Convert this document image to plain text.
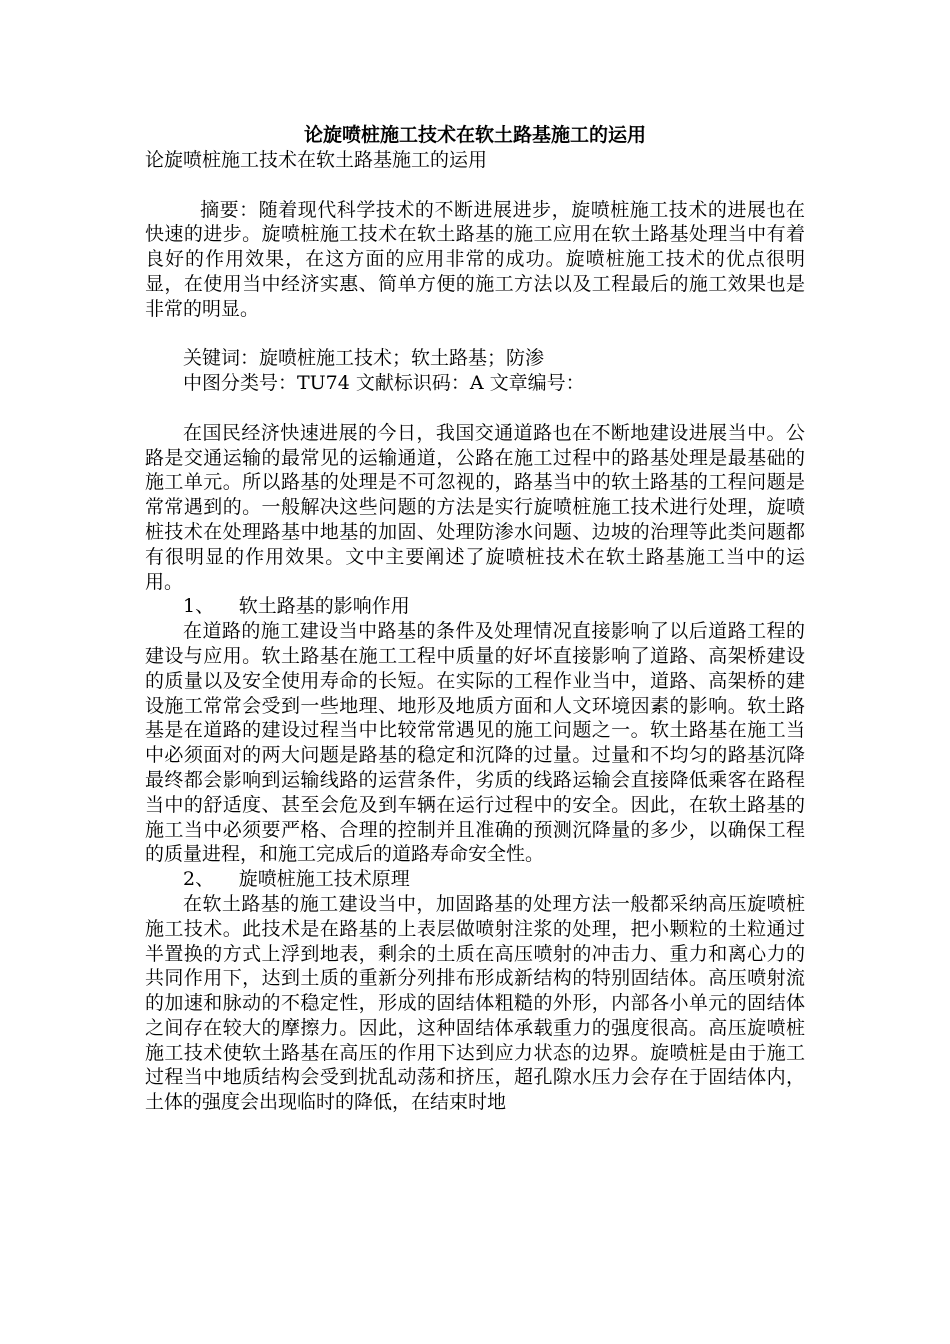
论旋喷桩施工技术在软土路基施工的运用

论旋喷桩施工技术在软土路基施工的运用

摘要：随着现代科学技术的不断进展进步，旋喷桩施工技术的进展也在快速的进步。旋喷桩施工技术在软土路基的施工应用在软土路基处理当中有着良好的作用效果，在这方面的应用非常的成功。旋喷桩施工技术的优点很明显，在使用当中经济实惠、简单方便的施工方法以及工程最后的施工效果也是非常的明显。

关键词：旋喷桩施工技术；软土路基；防渗

中图分类号：TU74 文献标识码：A 文章编号：

在国民经济快速进展的今日，我国交通道路也在不断地建设进展当中。公路是交通运输的最常见的运输通道，公路在施工过程中的路基处理是最基础的施工单元。所以路基的处理是不可忽视的，路基当中的软土路基的工程问题是常常遇到的。一般解决这些问题的方法是实行旋喷桩施工技术进行处理，旋喷桩技术在处理路基中地基的加固、处理防渗水问题、边坡的治理等此类问题都有很明显的作用效果。文中主要阐述了旋喷桩技术在软土路基施工当中的运用。

1、 软土路基的影响作用

在道路的施工建设当中路基的条件及处理情况直接影响了以后道路工程的建设与应用。软土路基在施工工程中质量的好坏直接影响了道路、高架桥建设的质量以及安全使用寿命的长短。在实际的工程作业当中，道路、高架桥的建设施工常常会受到一些地理、地形及地质方面和人文环境因素的影响。软土路基是在道路的建设过程当中比较常常遇见的施工问题之一。软土路基在施工当中必须面对的两大问题是路基的稳定和沉降的过量。过量和不均匀的路基沉降最终都会影响到运输线路的运营条件，劣质的线路运输会直接降低乘客在路程当中的舒适度、甚至会危及到车辆在运行过程中的安全。因此，在软土路基的施工当中必须要严格、合理的控制并且准确的预测沉降量的多少，以确保工程的质量进程，和施工完成后的道路寿命安全性。

2、 旋喷桩施工技术原理

在软土路基的施工建设当中，加固路基的处理方法一般都采纳高压旋喷桩施工技术。此技术是在路基的上表层做喷射注浆的处理，把小颗粒的土粒通过半置换的方式上浮到地表，剩余的土质在高压喷射的冲击力、重力和离心力的共同作用下，达到土质的重新分列排布形成新结构的特别固结体。高压喷射流的加速和脉动的不稳定性，形成的固结体粗糙的外形，内部各小单元的固结体之间存在较大的摩擦力。因此，这种固结体承载重力的强度很高。高压旋喷桩施工技术使软土路基在高压的作用下达到应力状态的边界。旋喷桩是由于施工过程当中地质结构会受到扰乱动荡和挤压，超孔隙水压力会存在于固结体内，土体的强度会出现临时的降低，在结束时地
